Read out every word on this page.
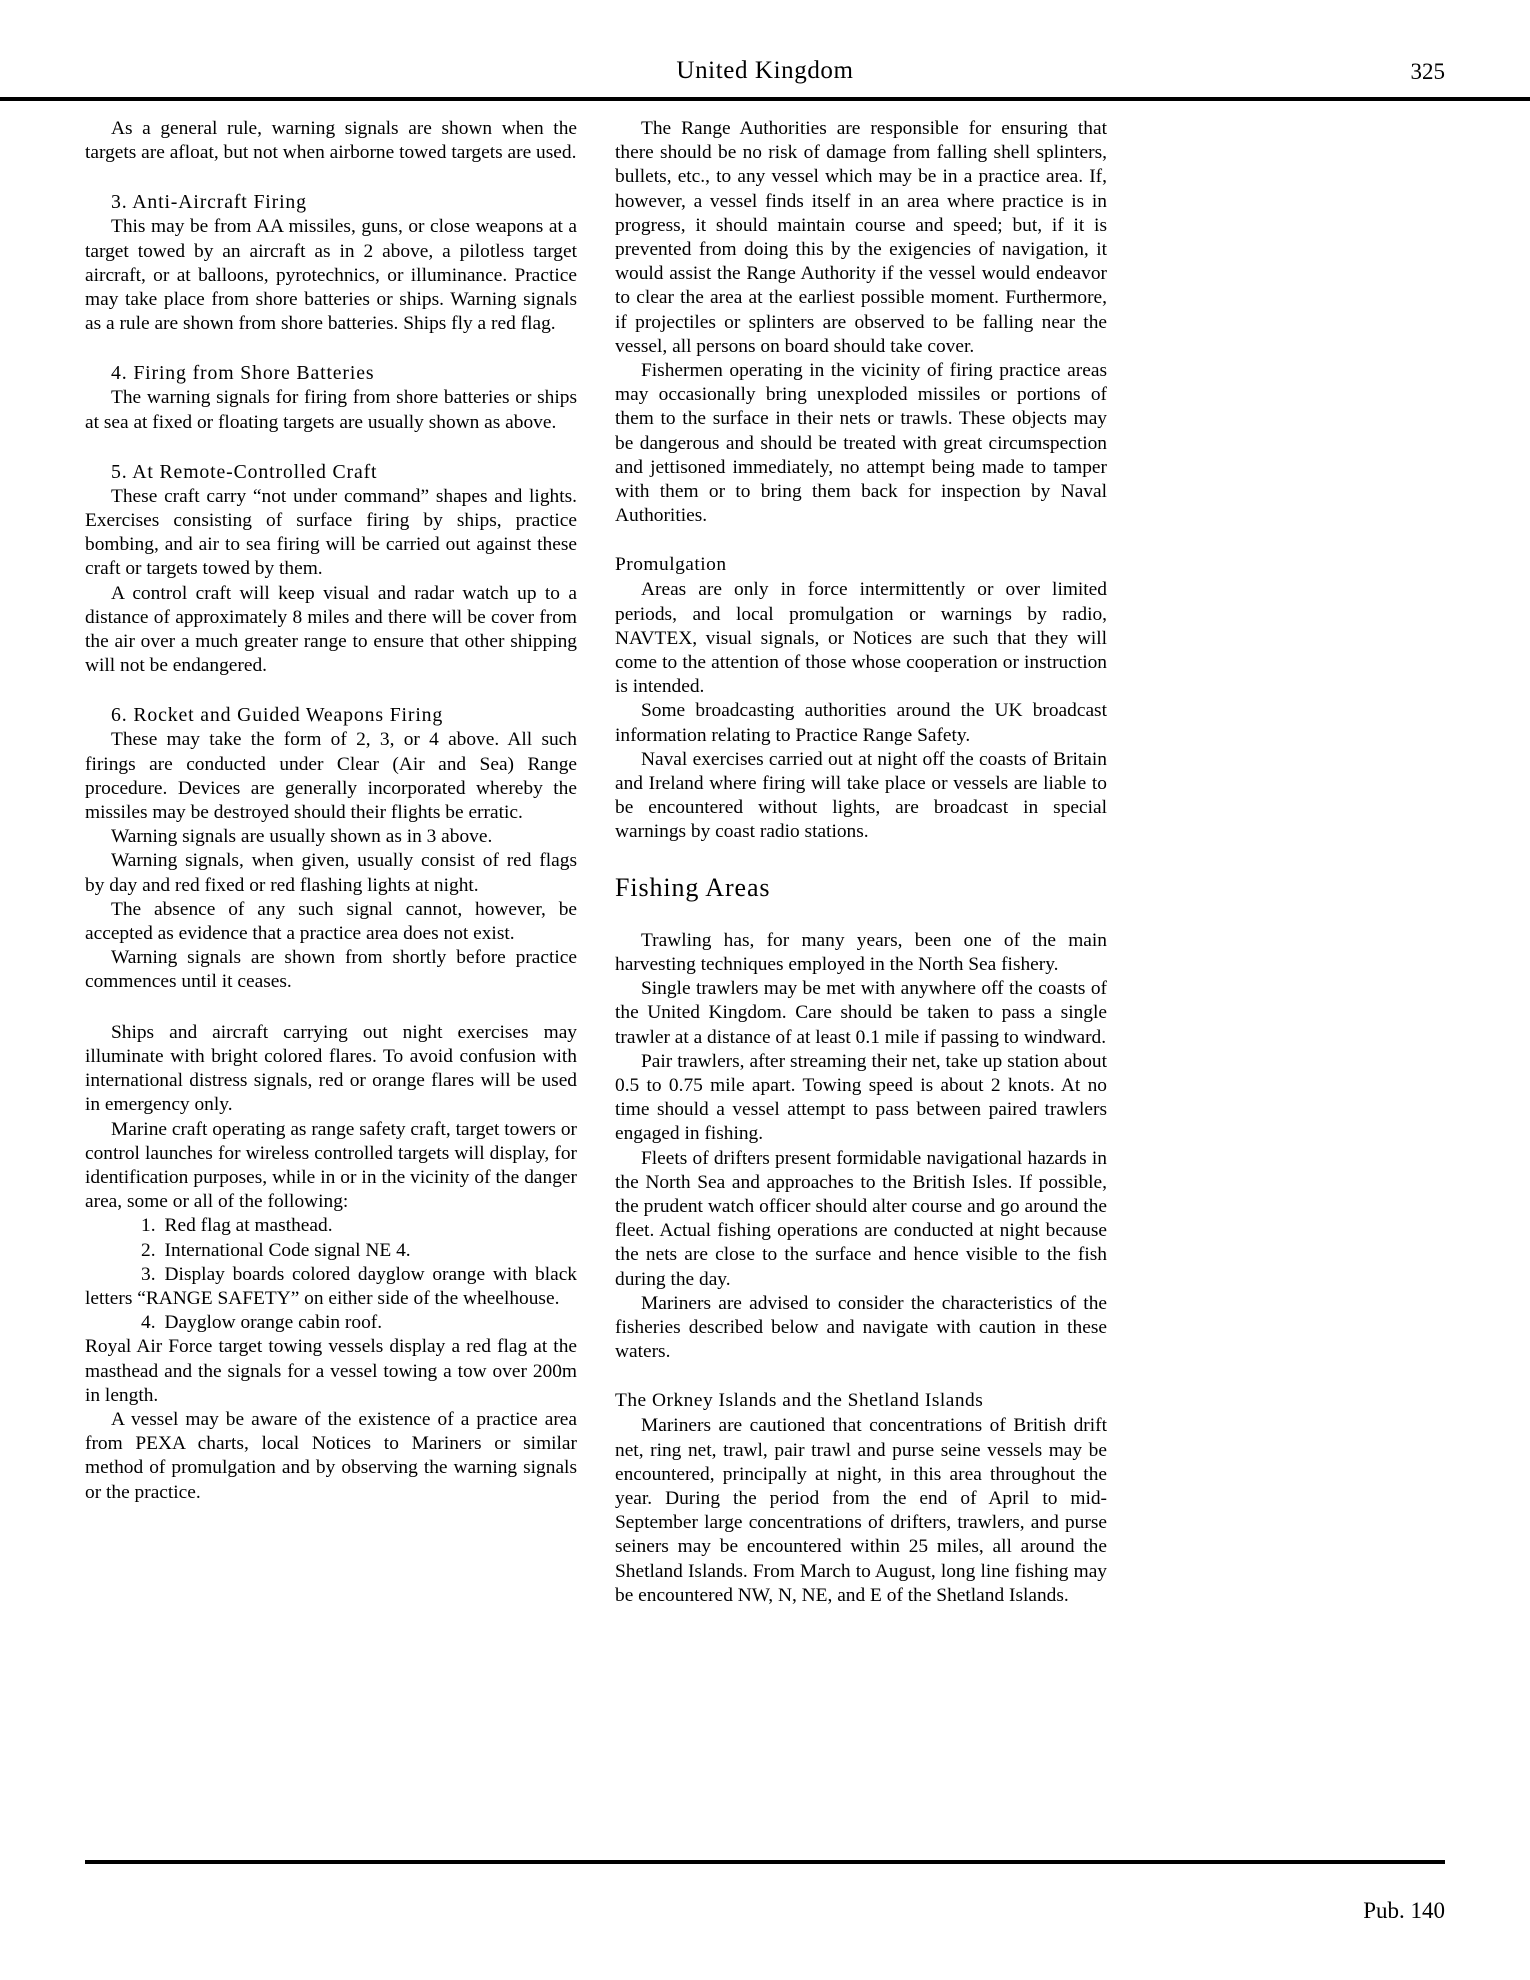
United Kingdom	325

As a general rule, warning signals are shown when the targets are afloat, but not when airborne towed targets are used.

3. Anti-Aircraft Firing

This may be from AA missiles, guns, or close weapons at a target towed by an aircraft as in 2 above, a pilotless target aircraft, or at balloons, pyrotechnics, or illuminance. Practice may take place from shore batteries or ships. Warning signals as a rule are shown from shore batteries. Ships fly a red flag.

4. Firing from Shore Batteries

The warning signals for firing from shore batteries or ships at sea at fixed or floating targets are usually shown as above.

5. At Remote-Controlled Craft

These craft carry “not under command” shapes and lights. Exercises consisting of surface firing by ships, practice bombing, and air to sea firing will be carried out against these craft or targets towed by them.

A control craft will keep visual and radar watch up to a distance of approximately 8 miles and there will be cover from the air over a much greater range to ensure that other shipping will not be endangered.

6. Rocket and Guided Weapons Firing

These may take the form of 2, 3, or 4 above. All such firings are conducted under Clear (Air and Sea) Range procedure. Devices are generally incorporated whereby the missiles may be destroyed should their flights be erratic.

Warning signals are usually shown as in 3 above.

Warning signals, when given, usually consist of red flags by day and red fixed or red flashing lights at night.

The absence of any such signal cannot, however, be accepted as evidence that a practice area does not exist.

Warning signals are shown from shortly before practice commences until it ceases.

Ships and aircraft carrying out night exercises may illuminate with bright colored flares. To avoid confusion with international distress signals, red or orange flares will be used in emergency only.

Marine craft operating as range safety craft, target towers or control launches for wireless controlled targets will display, for identification purposes, while in or in the vicinity of the danger area, some or all of the following:

1. Red flag at masthead.
2. International Code signal NE 4.
3. Display boards colored dayglow orange with black letters “RANGE SAFETY” on either side of the wheelhouse.
4. Dayglow orange cabin roof.

Royal Air Force target towing vessels display a red flag at the masthead and the signals for a vessel towing a tow over 200m in length.

A vessel may be aware of the existence of a practice area from PEXA charts, local Notices to Mariners or similar method of promulgation and by observing the warning signals or the practice.

The Range Authorities are responsible for ensuring that there should be no risk of damage from falling shell splinters, bullets, etc., to any vessel which may be in a practice area. If, however, a vessel finds itself in an area where practice is in progress, it should maintain course and speed; but, if it is prevented from doing this by the exigencies of navigation, it would assist the Range Authority if the vessel would endeavor to clear the area at the earliest possible moment. Furthermore, if projectiles or splinters are observed to be falling near the vessel, all persons on board should take cover.

Fishermen operating in the vicinity of firing practice areas may occasionally bring unexploded missiles or portions of them to the surface in their nets or trawls. These objects may be dangerous and should be treated with great circumspection and jettisoned immediately, no attempt being made to tamper with them or to bring them back for inspection by Naval Authorities.

Promulgation

Areas are only in force intermittently or over limited periods, and local promulgation or warnings by radio, NAVTEX, visual signals, or Notices are such that they will come to the attention of those whose cooperation or instruction is intended.

Some broadcasting authorities around the UK broadcast information relating to Practice Range Safety.

Naval exercises carried out at night off the coasts of Britain and Ireland where firing will take place or vessels are liable to be encountered without lights, are broadcast in special warnings by coast radio stations.

Fishing Areas

Trawling has, for many years, been one of the main harvesting techniques employed in the North Sea fishery.

Single trawlers may be met with anywhere off the coasts of the United Kingdom. Care should be taken to pass a single trawler at a distance of at least 0.1 mile if passing to windward.

Pair trawlers, after streaming their net, take up station about 0.5 to 0.75 mile apart. Towing speed is about 2 knots. At no time should a vessel attempt to pass between paired trawlers engaged in fishing.

Fleets of drifters present formidable navigational hazards in the North Sea and approaches to the British Isles. If possible, the prudent watch officer should alter course and go around the fleet. Actual fishing operations are conducted at night because the nets are close to the surface and hence visible to the fish during the day.

Mariners are advised to consider the characteristics of the fisheries described below and navigate with caution in these waters.

The Orkney Islands and the Shetland Islands

Mariners are cautioned that concentrations of British drift net, ring net, trawl, pair trawl and purse seine vessels may be encountered, principally at night, in this area throughout the year. During the period from the end of April to mid-September large concentrations of drifters, trawlers, and purse seiners may be encountered within 25 miles, all around the Shetland Islands. From March to August, long line fishing may be encountered NW, N, NE, and E of the Shetland Islands.

Pub. 140
